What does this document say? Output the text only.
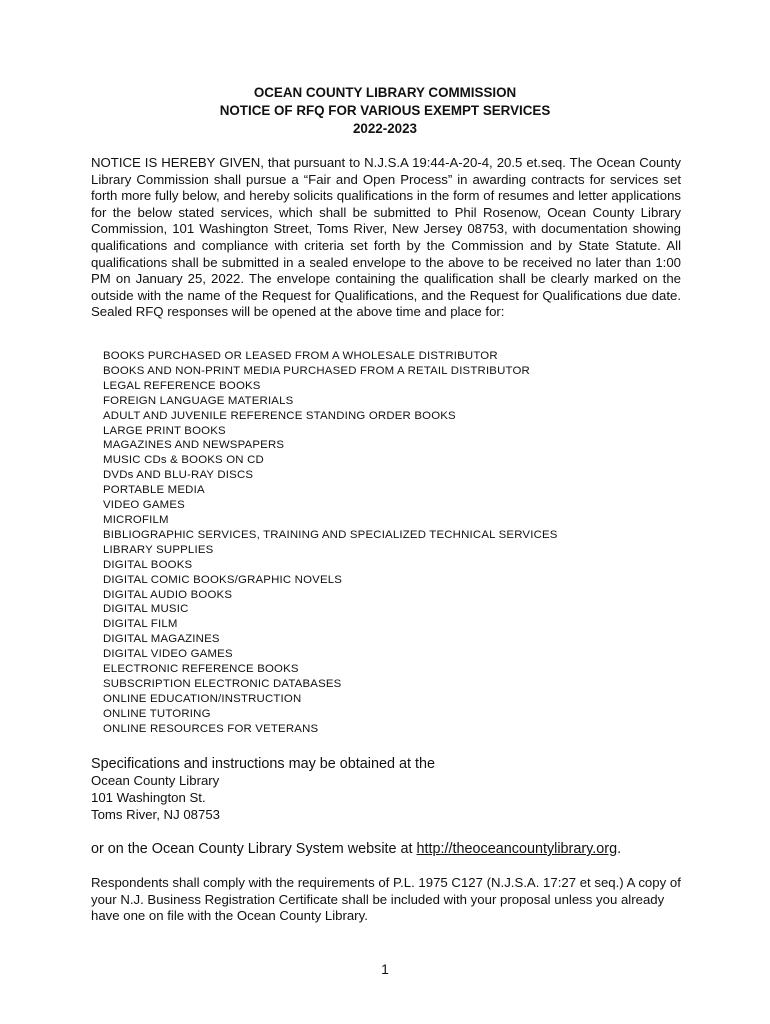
OCEAN COUNTY LIBRARY COMMISSION
NOTICE OF RFQ FOR VARIOUS EXEMPT SERVICES
2022-2023

NOTICE IS HEREBY GIVEN, that pursuant to N.J.S.A 19:44-A-20-4, 20.5 et.seq. The Ocean County Library Commission shall pursue a “Fair and Open Process” in awarding contracts for services set forth more fully below, and hereby solicits qualifications in the form of resumes and letter applications for the below stated services, which shall be submitted to Phil Rosenow, Ocean County Library Commission, 101 Washington Street, Toms River, New Jersey 08753, with documentation showing qualifications and compliance with criteria set forth by the Commission and by State Statute. All qualifications shall be submitted in a sealed envelope to the above to be received no later than 1:00 PM on January 25, 2022. The envelope containing the qualification shall be clearly marked on the outside with the name of the Request for Qualifications, and the Request for Qualifications due date. Sealed RFQ responses will be opened at the above time and place for:

BOOKS PURCHASED OR LEASED FROM A WHOLESALE DISTRIBUTOR
BOOKS AND NON-PRINT MEDIA PURCHASED FROM A RETAIL DISTRIBUTOR
LEGAL REFERENCE BOOKS
FOREIGN LANGUAGE MATERIALS
ADULT AND JUVENILE REFERENCE STANDING ORDER BOOKS
LARGE PRINT BOOKS
MAGAZINES AND NEWSPAPERS
MUSIC CDs & BOOKS ON CD
DVDs AND BLU-RAY DISCS
PORTABLE MEDIA
VIDEO GAMES
MICROFILM
BIBLIOGRAPHIC SERVICES, TRAINING AND SPECIALIZED TECHNICAL SERVICES
LIBRARY SUPPLIES
DIGITAL BOOKS
DIGITAL COMIC BOOKS/GRAPHIC NOVELS
DIGITAL AUDIO BOOKS
DIGITAL MUSIC
DIGITAL FILM
DIGITAL MAGAZINES
DIGITAL VIDEO GAMES
ELECTRONIC REFERENCE BOOKS
SUBSCRIPTION ELECTRONIC DATABASES
ONLINE EDUCATION/INSTRUCTION
ONLINE TUTORING
ONLINE RESOURCES FOR VETERANS

Specifications and instructions may be obtained at the

Ocean County Library
101 Washington St.
Toms River, NJ 08753

or on the Ocean County Library System website at http://theoceancountylibrary.org.

Respondents shall comply with the requirements of P.L. 1975 C127 (N.J.S.A. 17:27 et seq.) A copy of your N.J. Business Registration Certificate shall be included with your proposal unless you already have one on file with the Ocean County Library.

1
